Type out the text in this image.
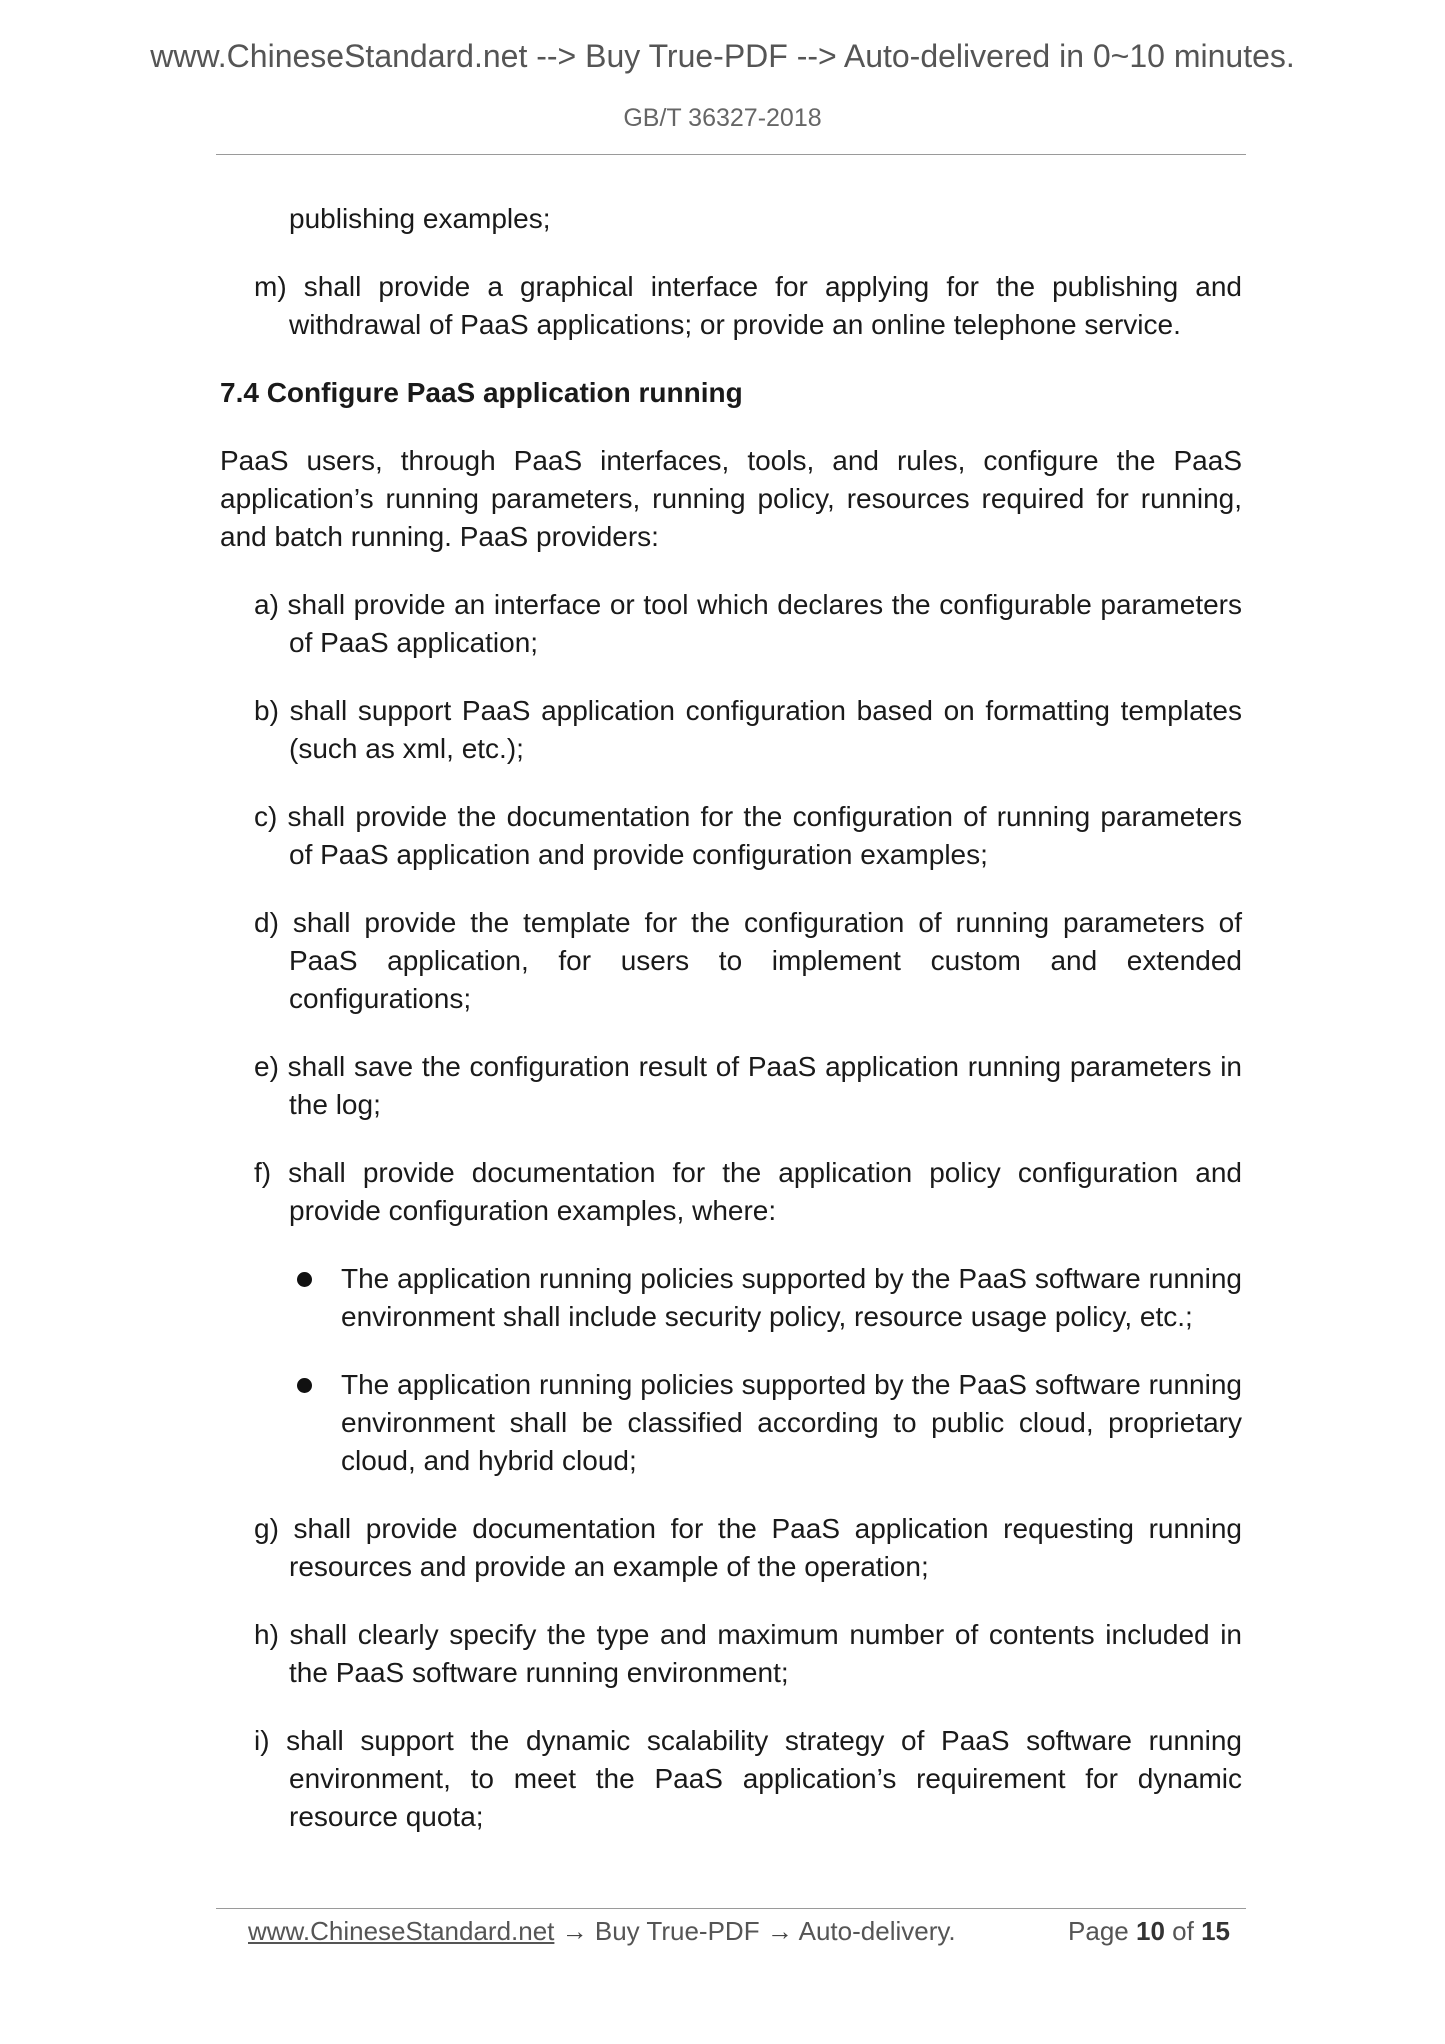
www.ChineseStandard.net --> Buy True-PDF --> Auto-delivered in 0~10 minutes.
GB/T 36327-2018
publishing examples;
m) shall provide a graphical interface for applying for the publishing and withdrawal of PaaS applications; or provide an online telephone service.
7.4 Configure PaaS application running
PaaS users, through PaaS interfaces, tools, and rules, configure the PaaS application’s running parameters, running policy, resources required for running, and batch running. PaaS providers:
a) shall provide an interface or tool which declares the configurable parameters of PaaS application;
b) shall support PaaS application configuration based on formatting templates (such as xml, etc.);
c) shall provide the documentation for the configuration of running parameters of PaaS application and provide configuration examples;
d) shall provide the template for the configuration of running parameters of PaaS application, for users to implement custom and extended configurations;
e) shall save the configuration result of PaaS application running parameters in the log;
f) shall provide documentation for the application policy configuration and provide configuration examples, where:
The application running policies supported by the PaaS software running environment shall include security policy, resource usage policy, etc.;
The application running policies supported by the PaaS software running environment shall be classified according to public cloud, proprietary cloud, and hybrid cloud;
g) shall provide documentation for the PaaS application requesting running resources and provide an example of the operation;
h) shall clearly specify the type and maximum number of contents included in the PaaS software running environment;
i) shall support the dynamic scalability strategy of PaaS software running environment, to meet the PaaS application’s requirement for dynamic resource quota;
www.ChineseStandard.net → Buy True-PDF → Auto-delivery.	Page 10 of 15
